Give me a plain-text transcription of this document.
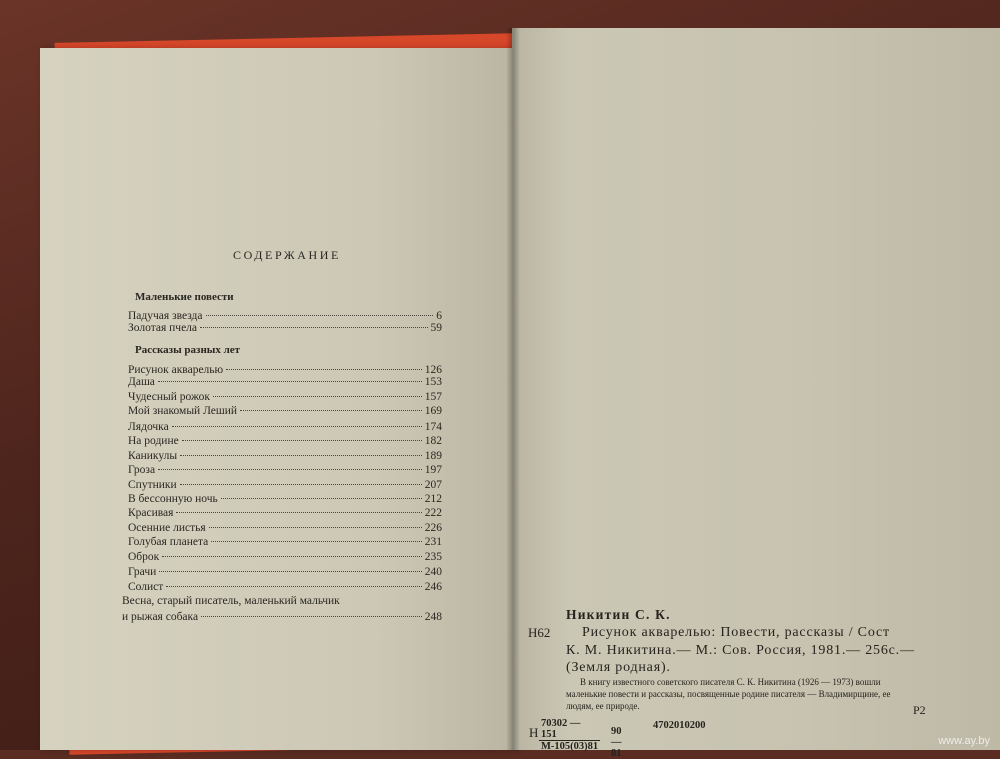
СОДЕРЖАНИЕ
Маленькие повести
Падучая звезда	6
Золотая пчела	59
Рассказы разных лет
Рисунок акварелью	126
Даша	153
Чудесный рожок	157
Мой знакомый Леший	169
Лядочка	174
На родине	182
Каникулы	189
Гроза	197
Спутники	207
В бессонную ночь	212
Красивая	222
Осенние листья	226
Голубая планета	231
Оброк	235
Грачи	240
Солист	246
Весна, старый писатель, маленький мальчик
и рыжая собака	248
Н62
Никитин С. К.
Рисунок акварелью: Повести, рассказы / Сост
К. М. Никитина.— М.: Сов. Россия, 1981.— 256с.—
(Земля родная).
В книгу известного советского писателя С. К. Никитина (1926 — 1973) вошли
маленькие повести и рассказы, посвященные родине писателя — Владимирщине, ее
людям, ее природе.	Р2
Н
70302 — 151
М-105(03)81
90 — 81
4702010200
www.ay.by
